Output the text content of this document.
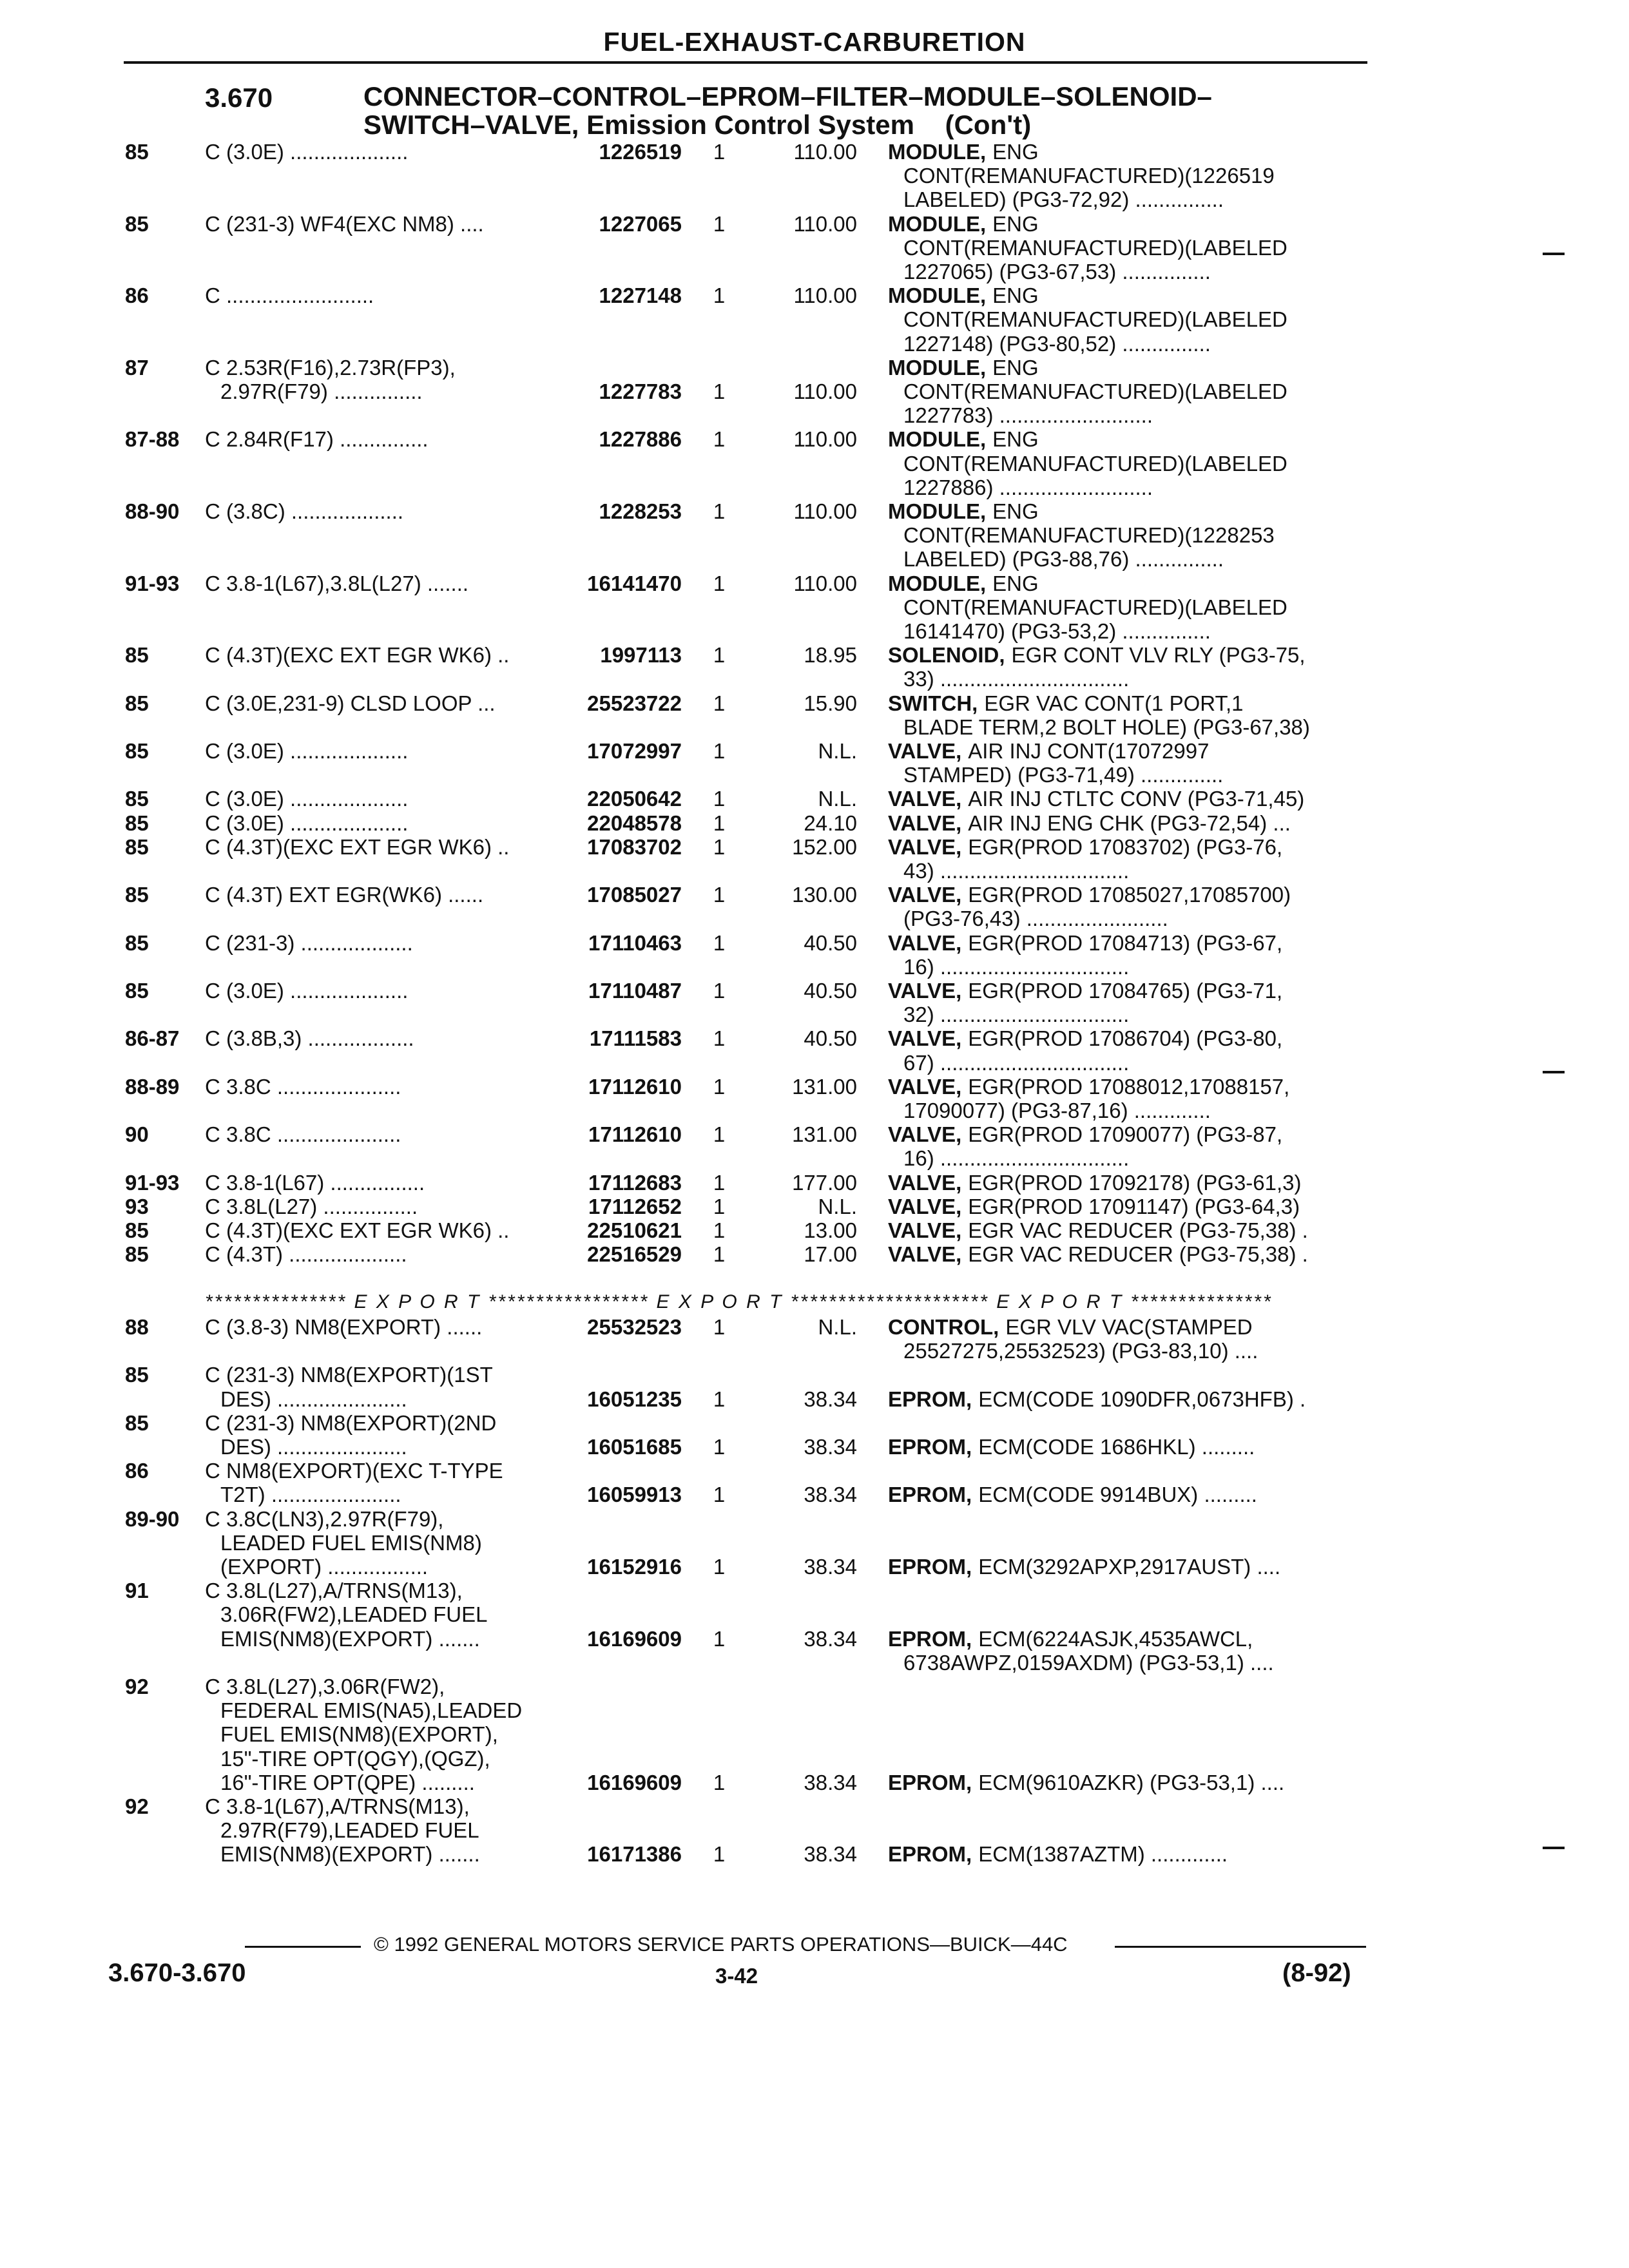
FUEL-EXHAUST-CARBURETION
3.670	CONNECTOR–CONTROL–EPROM–FILTER–MODULE–SOLENOID–
SWITCH–VALVE, Emission Control System (Con't)
85	C (3.0E) ....................	1226519 1	110.00 MODULE, ENG
CONT(REMANUFACTURED)(1226519
LABELED) (PG3-72,92) ...............
85	C (231-3) WF4(EXC NM8) ....	1227065 1	110.00 MODULE, ENG
CONT(REMANUFACTURED)(LABELED
1227065) (PG3-67,53) ...............
86	C .........................	1227148 1	110.00 MODULE, ENG
CONT(REMANUFACTURED)(LABELED
1227148) (PG3-80,52) ...............
87	C 2.53R(F16),2.73R(FP3),
2.97R(F79) ...............	1227783 1	110.00
MODULE, ENG
CONT(REMANUFACTURED)(LABELED
1227783) ..........................
87-88	C 2.84R(F17) ...............	1227886 1	110.00 MODULE, ENG
CONT(REMANUFACTURED)(LABELED
1227886) ..........................
88-90	C (3.8C) ...................	1228253 1	110.00 MODULE, ENG
CONT(REMANUFACTURED)(1228253
LABELED) (PG3-88,76) ...............
91-93	C 3.8-1(L67),3.8L(L27) .......	16141470 1	110.00 MODULE, ENG
CONT(REMANUFACTURED)(LABELED
16141470) (PG3-53,2) ...............
85	C (4.3T)(EXC EXT EGR WK6) ..	1997113 1	18.95 SOLENOID, EGR CONT VLV RLY (PG3-75,
33) ................................
85	C (3.0E,231-9) CLSD LOOP ...	25523722 1	15.90 SWITCH, EGR VAC CONT(1 PORT,1
BLADE TERM,2 BOLT HOLE) (PG3-67,38)
85	C (3.0E) ....................	17072997 1	N.L. VALVE, AIR INJ CONT(17072997
STAMPED) (PG3-71,49) ..............
85	C (3.0E) ....................	22050642 1	N.L. VALVE, AIR INJ CTLTC CONV (PG3-71,45)
85	C (3.0E) ....................	22048578 1	24.10 VALVE, AIR INJ ENG CHK (PG3-72,54) ...
85	C (4.3T)(EXC EXT EGR WK6) ..	17083702 1	152.00 VALVE, EGR(PROD 17083702) (PG3-76,
43) ................................
85	C (4.3T) EXT EGR(WK6) ......	17085027 1	130.00 VALVE, EGR(PROD 17085027,17085700)
(PG3-76,43) ........................
85	C (231-3) ...................	17110463 1	40.50 VALVE, EGR(PROD 17084713) (PG3-67,
16) ................................
85	C (3.0E) ....................	17110487 1	40.50 VALVE, EGR(PROD 17084765) (PG3-71,
32) ................................
86-87	C (3.8B,3) ..................	17111583 1	40.50 VALVE, EGR(PROD 17086704) (PG3-80,
67) ................................
88-89	C 3.8C .....................	17112610 1	131.00 VALVE, EGR(PROD 17088012,17088157,
17090077) (PG3-87,16) .............
90	C 3.8C .....................	17112610 1	131.00 VALVE, EGR(PROD 17090077) (PG3-87,
16) ................................
91-93	C 3.8-1(L67) ................	17112683 1	177.00 VALVE, EGR(PROD 17092178) (PG3-61,3)
93	C 3.8L(L27) ................	17112652 1	N.L. VALVE, EGR(PROD 17091147) (PG3-64,3)
85	C (4.3T)(EXC EXT EGR WK6) ..	22510621 1	13.00 VALVE, EGR VAC REDUCER (PG3-75,38) .
85	C (4.3T) ....................	22516529 1	17.00 VALVE, EGR VAC REDUCER (PG3-75,38) .
88	C (3.8-3) NM8(EXPORT) ......	25532523 1	N.L. CONTROL, EGR VLV VAC(STAMPED
25527275,25532523) (PG3-83,10) ....
85	C (231-3) NM8(EXPORT)(1ST
DES) ......................	16051235 1	38.34 EPROM, ECM(CODE 1090DFR,0673HFB) .
85	C (231-3) NM8(EXPORT)(2ND
DES) ......................	16051685 1	38.34 EPROM, ECM(CODE 1686HKL) .........
86	C NM8(EXPORT)(EXC T-TYPE
T2T) ......................	16059913 1	38.34 EPROM, ECM(CODE 9914BUX) .........
89-90	C 3.8C(LN3),2.97R(F79),
LEADED FUEL EMIS(NM8)
(EXPORT) .................	16152916 1	38.34 EPROM, ECM(3292APXP,2917AUST) ....
91	C 3.8L(L27),A/TRNS(M13),
3.06R(FW2),LEADED FUEL
EMIS(NM8)(EXPORT) .......	16169609 1	38.34 EPROM, ECM(6224ASJK,4535AWCL,
6738AWPZ,0159AXDM) (PG3-53,1) ....
92	C 3.8L(L27),3.06R(FW2),
FEDERAL EMIS(NA5),LEADED
FUEL EMIS(NM8)(EXPORT),
15"-TIRE OPT(QGY),(QGZ),
16"-TIRE OPT(QPE) .........	16169609 1	38.34 EPROM, ECM(9610AZKR) (PG3-53,1) ....
92	C 3.8-1(L67),A/TRNS(M13),
2.97R(F79),LEADED FUEL
EMIS(NM8)(EXPORT) .......	16171386 1	38.34 EPROM, ECM(1387AZTM) .............
*************** E X P O R T ***************** E X P O R T ********************* E X P O R T ***************
© 1992 GENERAL MOTORS SERVICE PARTS OPERATIONS—BUICK—44C
3.670-3.670	3-42	(8-92)
